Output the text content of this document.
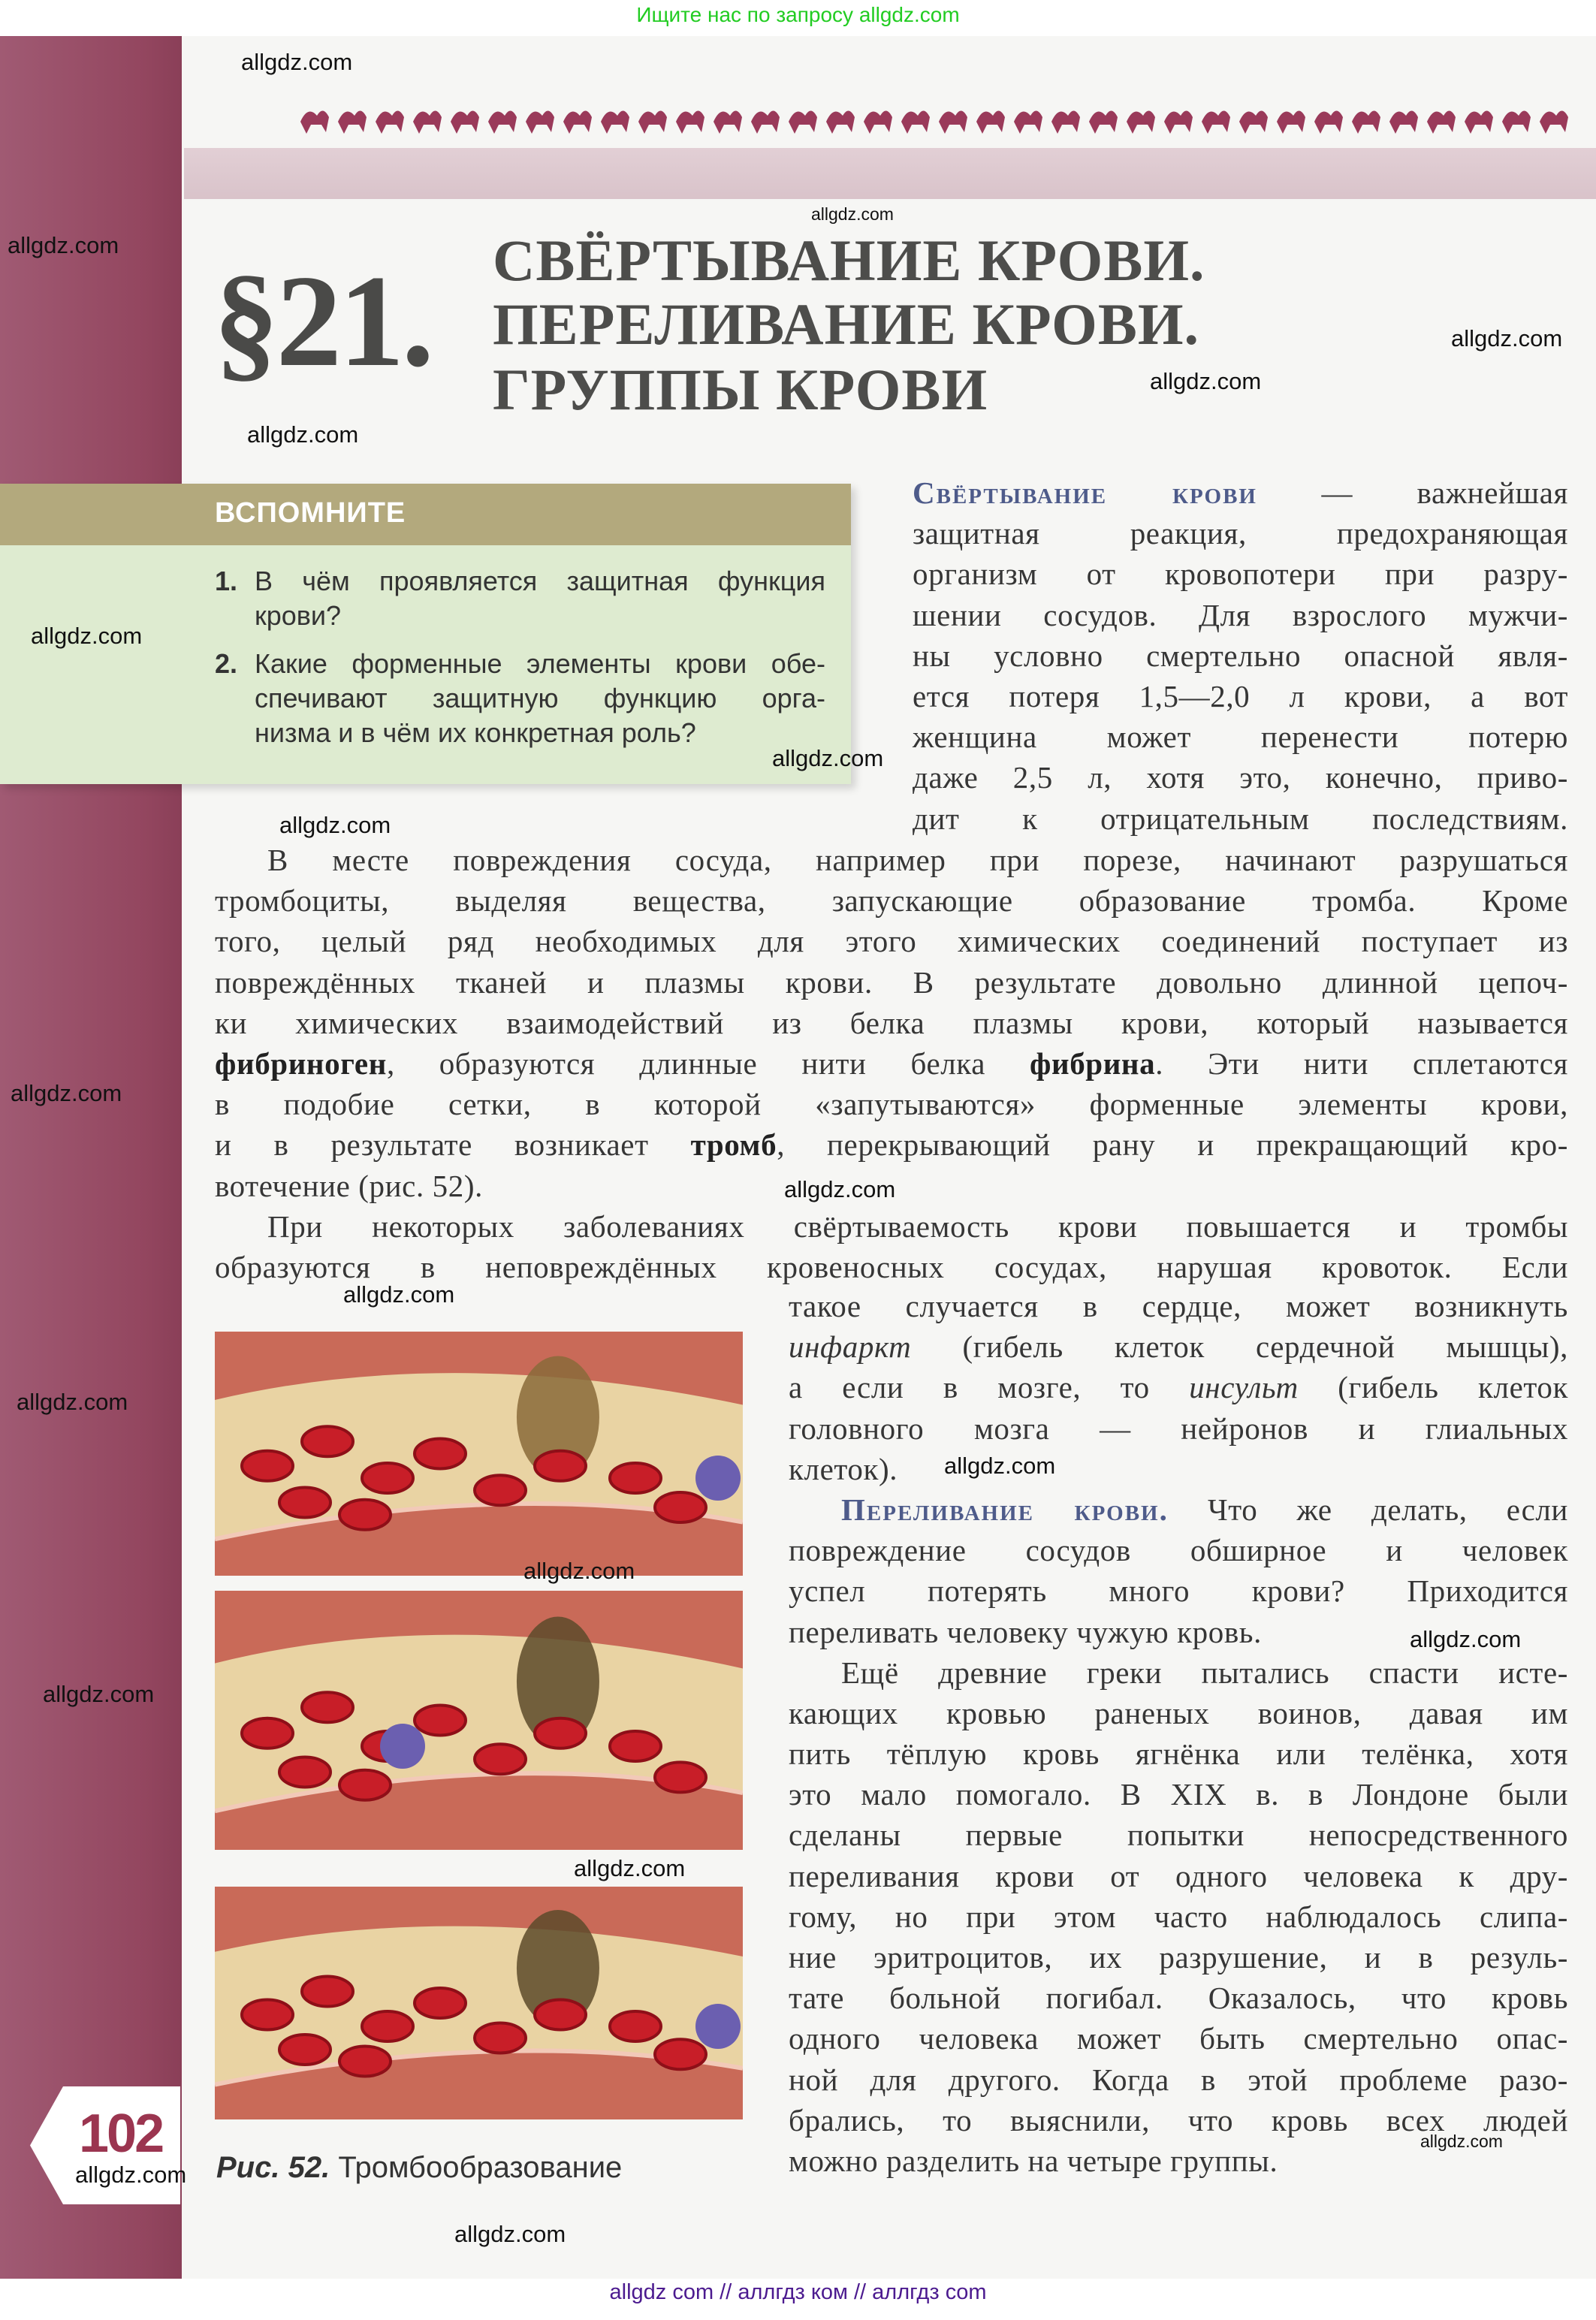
Ищите нас по запросу allgdz.com
§21. СВЁРТЫВАНИЕ КРОВИ.
ПЕРЕЛИВАНИЕ КРОВИ.
ГРУППЫ КРОВИ
ВСПОМНИТЕ
1. В чём проявляется защитная функция
крови?
2. Какие форменные элементы крови обе-
спечивают защитную функцию орга-
низма и в чём их конкретная роль?
Свёртывание крови — важнейшая
защитная реакция, предохраняющая
организм от кровопотери при разру-
шении сосудов. Для взрослого мужчи-
ны условно смертельно опасной явля-
ется потеря 1,5—2,0 л крови, а вот
женщина может перенести потерю
даже 2,5 л, хотя это, конечно, приво-
дит к отрицательным последствиям.
В месте повреждения сосуда, например при порезе, начинают разрушаться
тромбоциты, выделяя вещества, запускающие образование тромба. Кроме
того, целый ряд необходимых для этого химических соединений поступает из
повреждённых тканей и плазмы крови. В результате довольно длинной цепоч-
ки химических взаимодействий из белка плазмы крови, который называется
фибриноген, образуются длинные нити белка фибрина. Эти нити сплетаются
в подобие сетки, в которой «запутываются» форменные элементы крови,
и в результате возникает тромб, перекрывающий рану и прекращающий кро-
вотечение (рис. 52).
При некоторых заболеваниях свёртываемость крови повышается и тромбы
образуются в неповреждённых кровеносных сосудах, нарушая кровоток. Если
такое случается в сердце, может возникнуть
инфаркт (гибель клеток сердечной мышцы),
а если в мозге, то инсульт (гибель клеток
головного мозга — нейронов и глиальных
клеток).
Переливание крови. Что же делать, если
повреждение сосудов обширное и человек
успел потерять много крови? Приходится
переливать человеку чужую кровь.
Ещё древние греки пытались спасти исте-
кающих кровью раненых воинов, давая им
пить тёплую кровь ягнёнка или телёнка, хотя
это мало помогало. В XIX в. в Лондоне были
сделаны первые попытки непосредственного
переливания крови от одного человека к дру-
гому, но при этом часто наблюдалось слипа-
ние эритроцитов, их разрушение, и в резуль-
тате больной погибал. Оказалось, что кровь
одного человека может быть смертельно опас-
ной для другого. Когда в этой проблеме разо-
брались, то выяснили, что кровь всех людей
можно разделить на четыре группы.
Рис. 52. Тромбообразование
102
allgdz.com
allgdz.com
allgdz.com
allgdz.com
allgdz.com
allgdz.com
allgdz.com
allgdz.com
allgdz.com
allgdz.com
allgdz.com
allgdz.com
allgdz.com
allgdz.com
allgdz.com
allgdz.com
allgdz.com
allgdz.com
allgdz.com
allgdz.com
allgdz.com
allgdz com // аллгдз ком // аллгдз com
